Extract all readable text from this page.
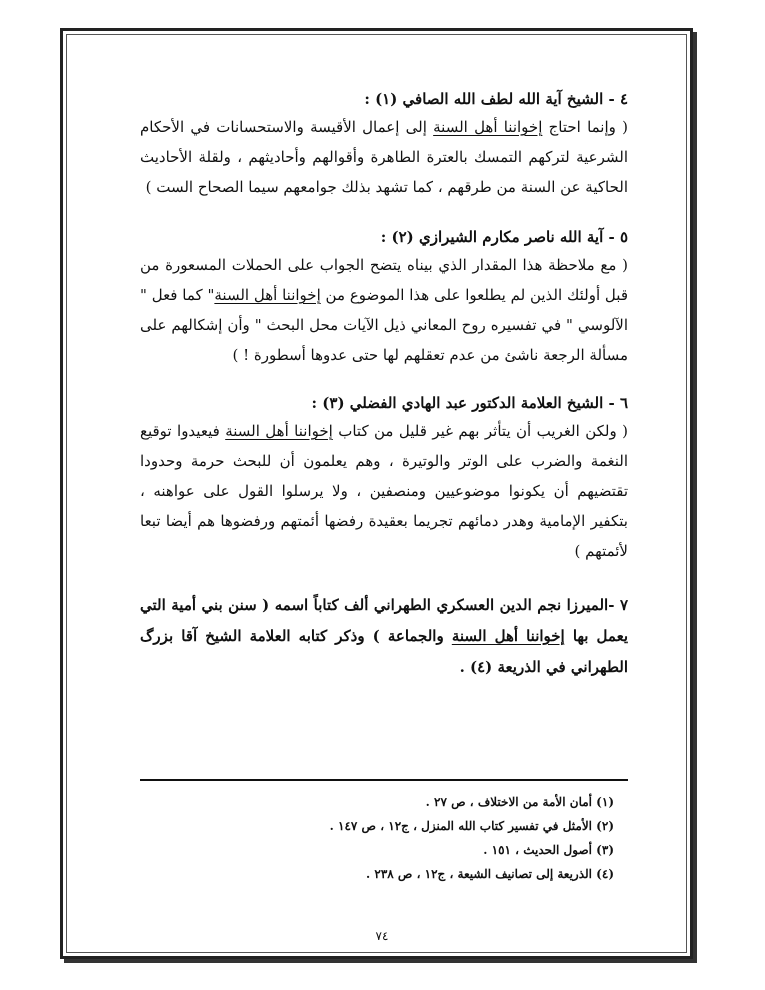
٤ - الشيخ آية الله لطف الله الصافي (١) :

( وإنما احتاج إخواننا أهل السنة إلى إعمال الأقيسة والاستحسانات في الأحكام الشرعية لتركهم التمسك بالعترة الطاهرة وأقوالهم وأحاديثهم ، ولقلة الأحاديث الحاكية عن السنة من طرقهم ، كما تشهد بذلك جوامعهم سيما الصحاح الست )

٥ - آية الله ناصر مكارم الشيرازي (٢) :

( مع ملاحظة هذا المقدار الذي بيناه يتضح الجواب على الحملات المسعورة من قبل أولئك الذين لم يطلعوا على هذا الموضوع من إخواننا أهل السنة" كما فعل " الآلوسي " في تفسيره روح المعاني ذيل الآيات محل البحث " وأن إشكالهم على مسألة الرجعة ناشئ من عدم تعقلهم لها حتى عدوها أسطورة ! )

٦ - الشيخ العلامة الدكتور عبد الهادي الفضلي (٣) :

( ولكن الغريب أن يتأثر بهم غير قليل من كتاب إخواننا أهل السنة فيعيدوا توقيع النغمة والضرب على الوتر والوتيرة ، وهم يعلمون أن للبحث حرمة وحدودا تقتضيهم أن يكونوا موضوعيين ومنصفين ، ولا يرسلوا القول على عواهنه ، بتكفير الإمامية وهدر دمائهم تجريما بعقيدة رفضها أئمتهم ورفضوها هم أيضا تبعا لأئمتهم )

٧ -الميرزا نجم الدين العسكري الطهراني ألف كتاباً اسمه ( سنن بني أمية التي يعمل بها إخواننا أهل السنة والجماعة ) وذكر كتابه العلامة الشيخ آقا بزرگ الطهراني في الذريعة (٤) .

(١) أمان الأمة من الاختلاف ، ص ٢٧ .

(٢) الأمثل في تفسير كتاب الله المنزل ، ج١٢ ، ص ١٤٧ .

(٣) أصول الحديث ، ١٥١ .

(٤) الذريعة إلى تصانيف الشيعة ، ج١٢ ، ص ٢٣٨ .

٧٤
